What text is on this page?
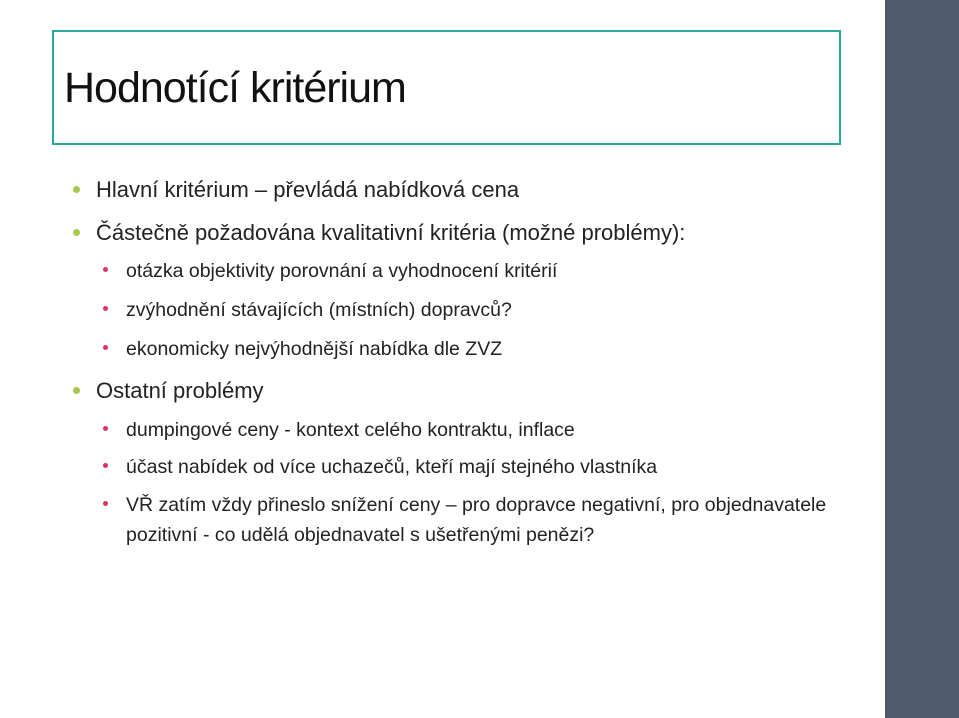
Hodnotící kritérium
Hlavní kritérium – převládá nabídková cena
Částečně požadována kvalitativní kritéria (možné problémy):
otázka objektivity porovnání a vyhodnocení kritérií
zvýhodnění stávajících (místních) dopravců?
ekonomicky nejvýhodnější nabídka dle ZVZ
Ostatní problémy
dumpingové ceny - kontext celého kontraktu, inflace
účast nabídek od více uchazečů, kteří mají stejného vlastníka
VŘ zatím vždy přineslo snížení ceny – pro dopravce negativní, pro objednavatele pozitivní - co udělá objednavatel s ušetřenými penězi?
